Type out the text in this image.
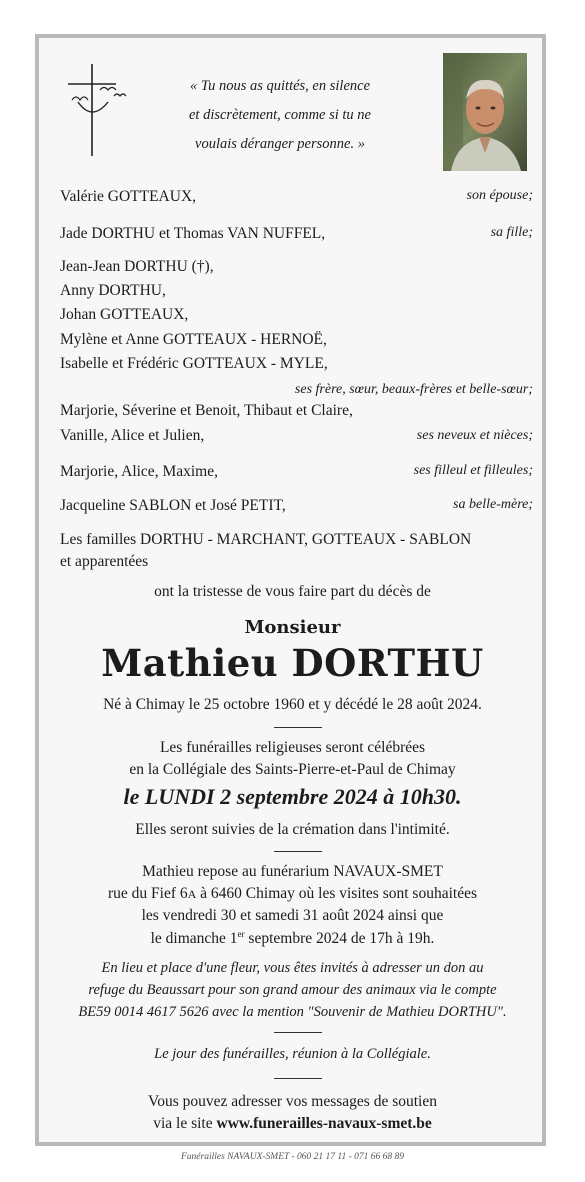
« Tu nous as quittés, en silence
et discrètement, comme si tu ne
voulais déranger personne. »
Valérie GOTTEAUX,	son épouse;
Jade DORTHU et Thomas VAN NUFFEL,	sa fille;
Jean-Jean DORTHU (†),
Anny DORTHU,
Johan GOTTEAUX,
Mylène et Anne GOTTEAUX - HERNOË,
Isabelle et Frédéric GOTTEAUX - MYLE,
ses frère, sœur, beaux-frères et belle-sœur;
Marjorie, Séverine et Benoit, Thibaut et Claire,
Vanille, Alice et Julien,	ses neveux et nièces;
Marjorie, Alice, Maxime,	ses filleul et filleules;
Jacqueline SABLON et José PETIT,	sa belle-mère;
Les familles DORTHU - MARCHANT, GOTTEAUX - SABLON
et apparentées
ont la tristesse de vous faire part du décès de
Monsieur
Mathieu DORTHU
Né à Chimay le 25 octobre 1960 et y décédé le 28 août 2024.
Les funérailles religieuses seront célébrées
en la Collégiale des Saints-Pierre-et-Paul de Chimay
le LUNDI 2 septembre 2024 à 10h30.
Elles seront suivies de la crémation dans l'intimité.
Mathieu repose au funérarium NAVAUX-SMET
rue du Fief 6A à 6460 Chimay où les visites sont souhaitées
les vendredi 30 et samedi 31 août 2024 ainsi que
le dimanche 1er septembre 2024 de 17h à 19h.
En lieu et place d'une fleur, vous êtes invités à adresser un don au
refuge du Beaussart pour son grand amour des animaux via le compte
BE59 0014 4617 5626 avec la mention "Souvenir de Mathieu DORTHU".
Le jour des funérailles, réunion à la Collégiale.
Vous pouvez adresser vos messages de soutien
via le site www.funerailles-navaux-smet.be
Funérailles NAVAUX-SMET - 060 21 17 11 - 071 66 68 89
